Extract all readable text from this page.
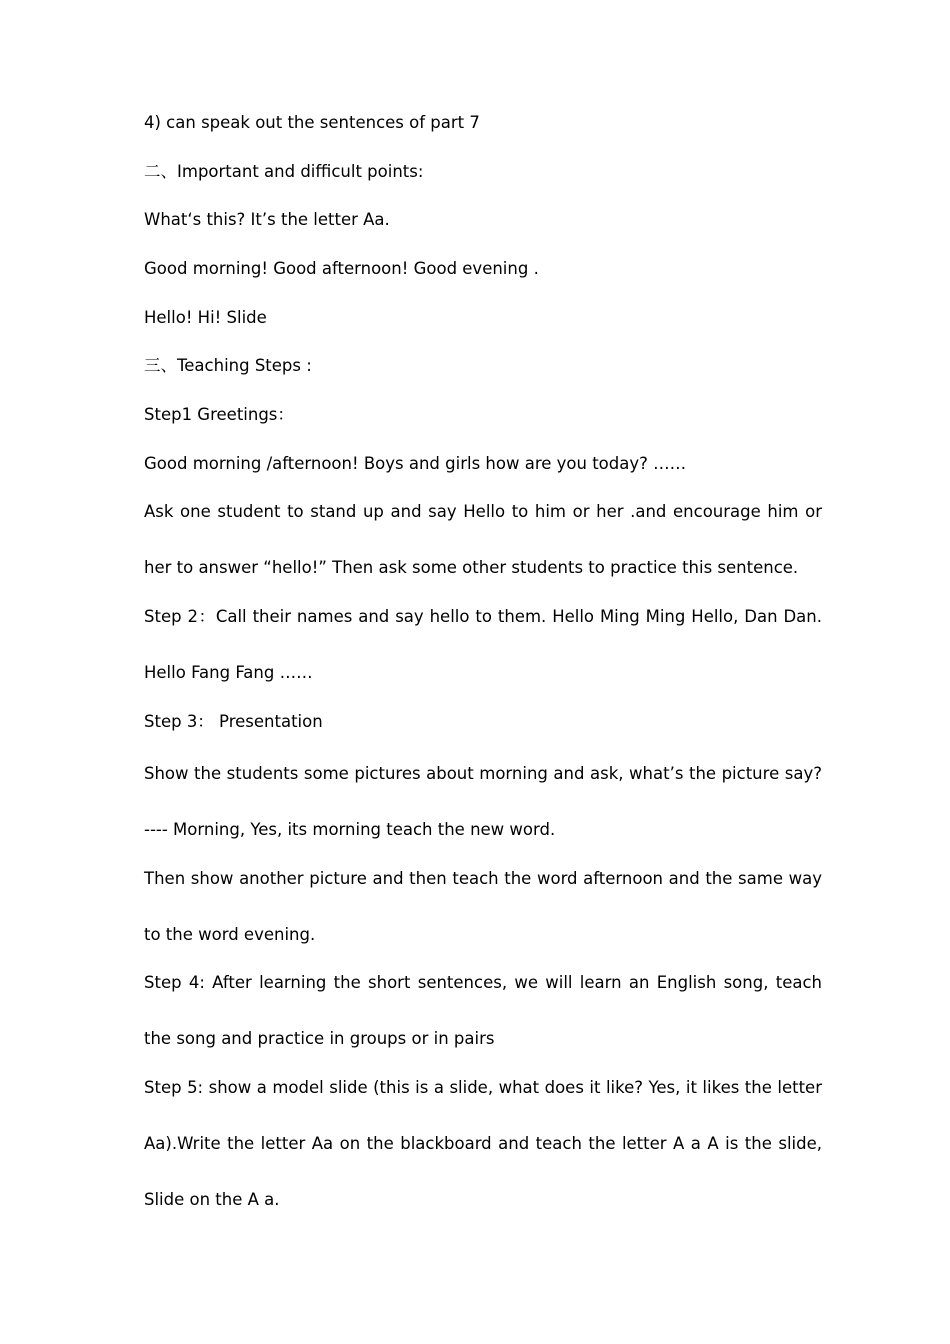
4) can speak out the sentences of part 7

二、Important and difficult points:

What‘s this? It’s the letter Aa.

Good morning! Good afternoon! Good evening .

Hello! Hi! Slide

三、Teaching Steps :

Step1 Greetings：

Good morning /afternoon! Boys and girls how are you today? ……

Ask one student to stand up and say Hello to him or her .and encourage him or her to answer “hello!” Then ask some other students to practice this sentence.

Step 2：Call their names and say hello to them. Hello Ming Ming Hello, Dan Dan. Hello Fang Fang ……

Step 3： Presentation

Show the students some pictures about morning and ask, what’s the picture say? ---- Morning, Yes, its morning teach the new word.

Then show another picture and then teach the word afternoon and the same way to the word evening.

Step 4: After learning the short sentences, we will learn an English song, teach the song and practice in groups or in pairs

Step 5: show a model slide (this is a slide, what does it like? Yes, it likes the letter Aa).Write the letter Aa on the blackboard and teach the letter A a A is the slide, Slide on the A a.
